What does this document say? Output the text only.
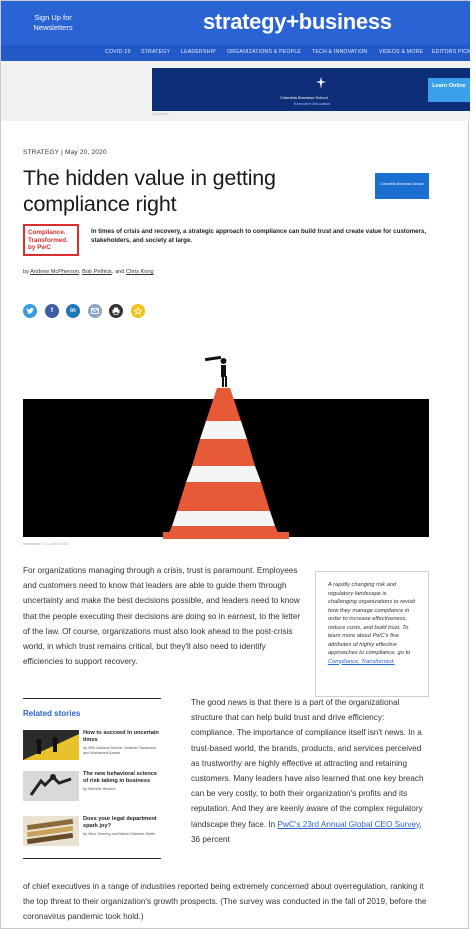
Sign Up for Newsletters	strategy+business
COVID-19 STRATEGY LEADERSHIP ORGANIZATIONS & PEOPLE TECH & INNOVATION VIDEOS & MORE EDITORS PICKS
Columbia Business School
Executive Education
Learn Online
AdChoices
STRATEGY | May 20, 2020
The hidden value in getting compliance right
Columbia Business School
Compliance. Transformed. by PwC

In times of crisis and recovery, a strategic approach to compliance can build trust and create value for customers, stakeholders, and society at large.

by Andrew McPherson, Bob Pethick, and Chris Kong
f	in
Illustration © Liz Zulu 2020

For organizations managing through a crisis, trust is paramount. Employees and customers need to know that leaders are able to guide them through uncertainty and make the best decisions possible, and leaders need to know that the people executing their decisions are doing so in earnest, to the letter of the law. Of course, organizations must also look ahead to the post-crisis world, in which trust remains critical, but they'll also need to identify efficiencies to support recovery.

A rapidly changing risk and regulatory landscape is challenging organizations to revisit how they manage compliance in order to increase effectiveness, reduce costs, and build trust. To learn more about PwC's five attributes of highly effective approaches to compliance, go to Compliance, Transformed.

Related stories
How to succeed in uncertain times
by Will Jackson-Moore, Heather Swanston, and Mohamed Kande
The new behavioral science of risk taking in business
by Michele Wucker
Does your legal department spark joy?
by Mick Sheehy and Mario Gobarre-Smith

The good news is that there is a part of the organizational structure that can help build trust and drive efficiency: compliance. The importance of compliance itself isn't news. In a trust-based world, the brands, products, and services perceived as trustworthy are highly effective at attracting and retaining customers. Many leaders have also learned that one key breach can be very costly, to both their organization's profits and its reputation. And they are keenly aware of the complex regulatory landscape they face. In PwC's 23rd Annual Global CEO Survey, 36 percent

of chief executives in a range of industries reported being extremely concerned about overregulation, ranking it the top threat to their organization's growth prospects. (The survey was conducted in the fall of 2019, before the coronavirus pandemic took hold.)
